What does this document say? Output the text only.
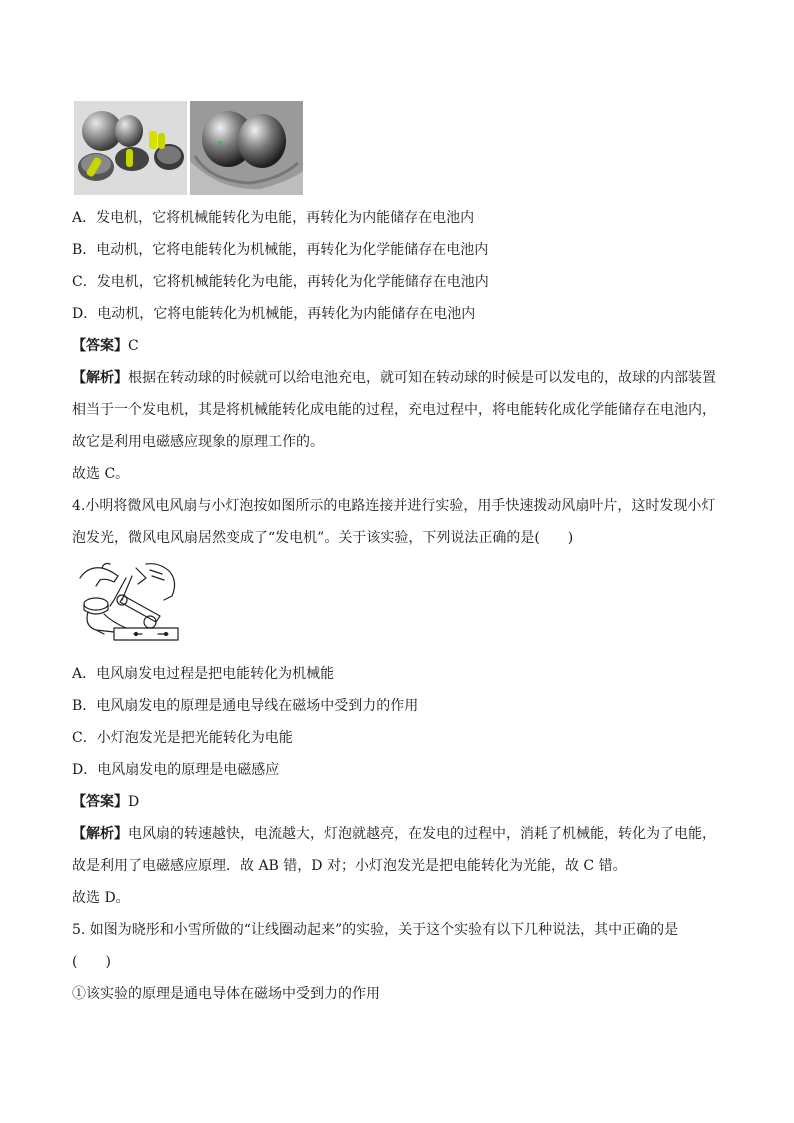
A．发电机，它将机械能转化为电能，再转化为内能储存在电池内
B．电动机，它将电能转化为机械能，再转化为化学能储存在电池内
C．发电机，它将机械能转化为电能，再转化为化学能储存在电池内
D．电动机，它将电能转化为机械能，再转化为内能储存在电池内
【答案】C
【解析】根据在转动球的时候就可以给电池充电，就可知在转动球的时候是可以发电的，故球的内部装置
相当于一个发电机，其是将机械能转化成电能的过程，充电过程中，将电能转化成化学能储存在电池内，
故它是利用电磁感应现象的原理工作的。
故选 C。
4.小明将微风电风扇与小灯泡按如图所示的电路连接并进行实验，用手快速拨动风扇叶片，这时发现小灯
泡发光，微风电风扇居然变成了“发电机”。关于该实验，下列说法正确的是(　　)
A．电风扇发电过程是把电能转化为机械能
B．电风扇发电的原理是通电导线在磁场中受到力的作用
C．小灯泡发光是把光能转化为电能
D．电风扇发电的原理是电磁感应
【答案】D
【解析】电风扇的转速越快，电流越大，灯泡就越亮，在发电的过程中，消耗了机械能，转化为了电能，
故是利用了电磁感应原理．故 AB 错，D 对；小灯泡发光是把电能转化为光能，故 C 错。
故选 D。
5. 如图为晓彤和小雪所做的“让线圈动起来”的实验，关于这个实验有以下几种说法，其中正确的是
(　　)
①该实验的原理是通电导体在磁场中受到力的作用
